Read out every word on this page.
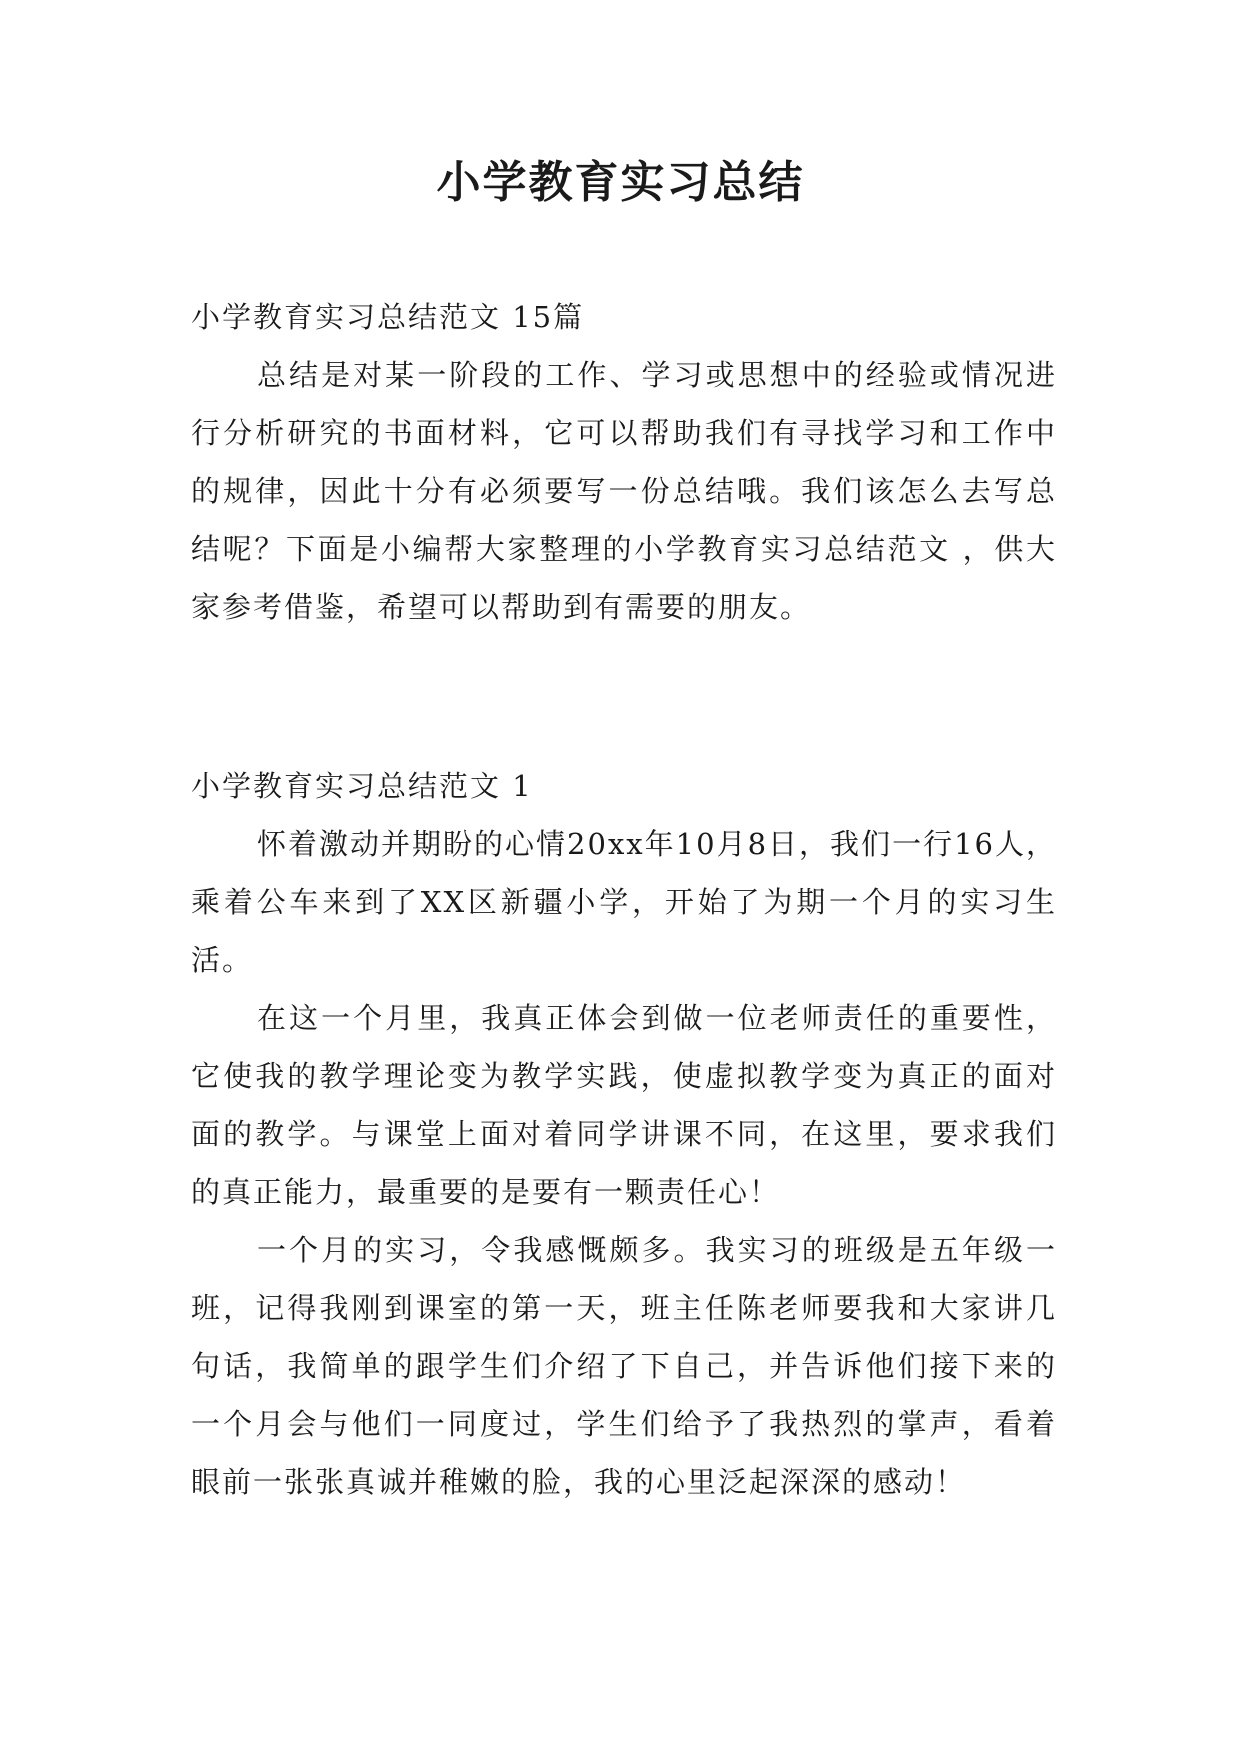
小学教育实习总结

小学教育实习总结范文 15篇

总结是对某一阶段的工作、学习或思想中的经验或情况进行分析研究的书面材料，它可以帮助我们有寻找学习和工作中的规律，因此十分有必须要写一份总结哦。我们该怎么去写总结呢？下面是小编帮大家整理的小学教育实习总结范文 ，供大家参考借鉴，希望可以帮助到有需要的朋友。

小学教育实习总结范文 1

怀着激动并期盼的心情20xx年10月8日，我们一行16人，乘着公车来到了XX区新疆小学，开始了为期一个月的实习生活。

在这一个月里，我真正体会到做一位老师责任的重要性，它使我的教学理论变为教学实践，使虚拟教学变为真正的面对面的教学。与课堂上面对着同学讲课不同，在这里，要求我们的真正能力，最重要的是要有一颗责任心！

一个月的实习，令我感慨颇多。我实习的班级是五年级一班，记得我刚到课室的第一天，班主任陈老师要我和大家讲几句话，我简单的跟学生们介绍了下自己，并告诉他们接下来的一个月会与他们一同度过，学生们给予了我热烈的掌声，看着眼前一张张真诚并稚嫩的脸，我的心里泛起深深的感动！
